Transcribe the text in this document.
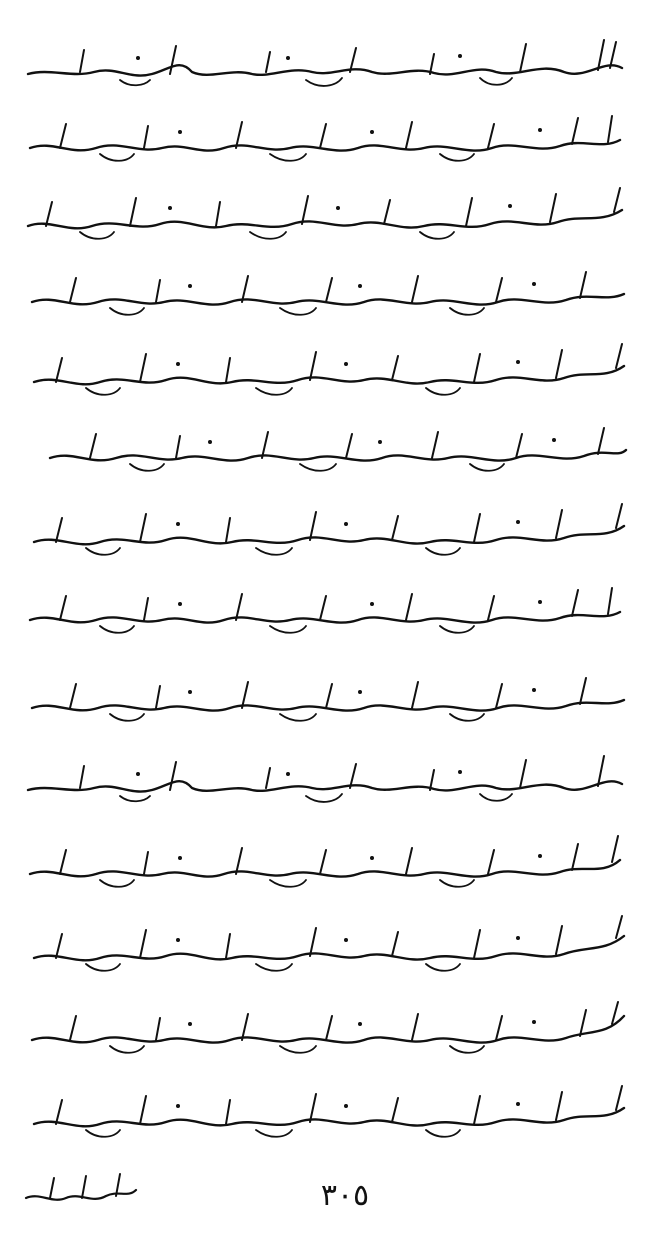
٣٠٥
